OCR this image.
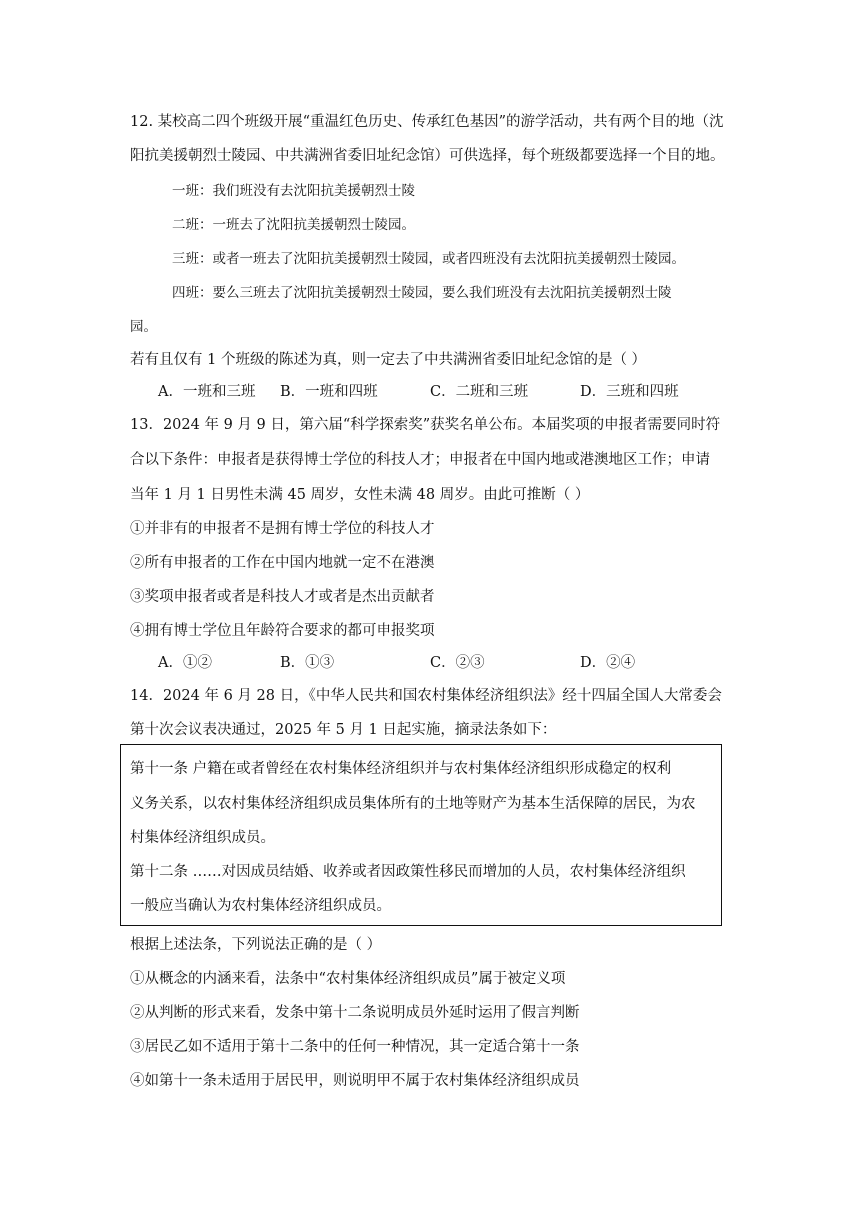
12. 某校高二四个班级开展“重温红色历史、传承红色基因”的游学活动，共有两个目的地（沈
阳抗美援朝烈士陵园、中共满洲省委旧址纪念馆）可供选择，每个班级都要选择一个目的地。
一班：我们班没有去沈阳抗美援朝烈士陵
二班：一班去了沈阳抗美援朝烈士陵园。
三班：或者一班去了沈阳抗美援朝烈士陵园，或者四班没有去沈阳抗美援朝烈士陵园。
四班：要么三班去了沈阳抗美援朝烈士陵园，要么我们班没有去沈阳抗美援朝烈士陵
园。
若有且仅有 1 个班级的陈述为真，则一定去了中共满洲省委旧址纪念馆的是（ ）
A．一班和三班 B．一班和四班	C．二班和三班	D．三班和四班
13．2024 年 9 月 9 日，第六届“科学探索奖”获奖名单公布。本届奖项的申报者需要同时符
合以下条件：申报者是获得博士学位的科技人才；申报者在中国内地或港澳地区工作；申请
当年 1 月 1 日男性未满 45 周岁，女性未满 48 周岁。由此可推断（ ）
①并非有的申报者不是拥有博士学位的科技人才
②所有申报者的工作在中国内地就一定不在港澳
③奖项申报者或者是科技人才或者是杰出贡献者
④拥有博士学位且年龄符合要求的都可申报奖项
A．①②	B．①③	C．②③	D．②④
14．2024 年 6 月 28 日，《中华人民共和国农村集体经济组织法》经十四届全国人大常委会
第十次会议表决通过，2025 年 5 月 1 日起实施，摘录法条如下：
第十一条 户籍在或者曾经在农村集体经济组织并与农村集体经济组织形成稳定的权利
义务关系，以农村集体经济组织成员集体所有的土地等财产为基本生活保障的居民，为农
村集体经济组织成员。
第十二条 ……对因成员结婚、收养或者因政策性移民而增加的人员，农村集体经济组织
一般应当确认为农村集体经济组织成员。
根据上述法条，下列说法正确的是（ ）
①从概念的内涵来看，法条中“农村集体经济组织成员”属于被定义项
②从判断的形式来看，发条中第十二条说明成员外延时运用了假言判断
③居民乙如不适用于第十二条中的任何一种情况，其一定适合第十一条
④如第十一条未适用于居民甲，则说明甲不属于农村集体经济组织成员
